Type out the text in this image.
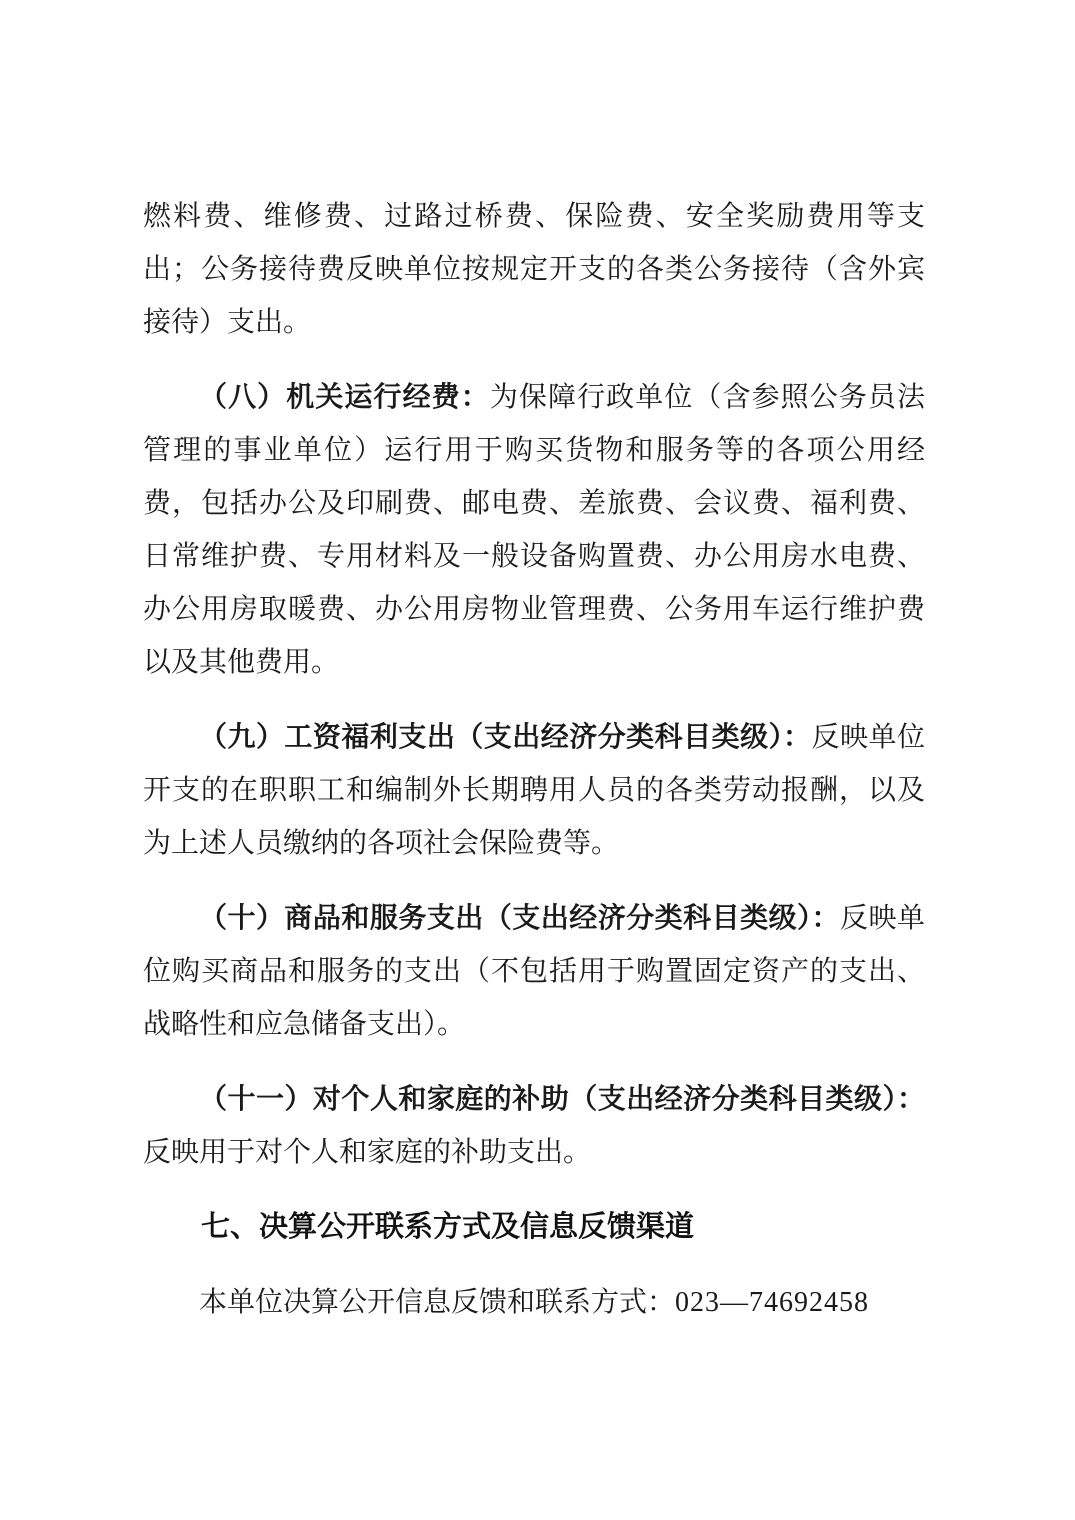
燃料费、维修费、过路过桥费、保险费、安全奖励费用等支出；公务接待费反映单位按规定开支的各类公务接待（含外宾接待）支出。

（八）机关运行经费：为保障行政单位（含参照公务员法管理的事业单位）运行用于购买货物和服务等的各项公用经费，包括办公及印刷费、邮电费、差旅费、会议费、福利费、日常维护费、专用材料及一般设备购置费、办公用房水电费、办公用房取暖费、办公用房物业管理费、公务用车运行维护费以及其他费用。

（九）工资福利支出（支出经济分类科目类级）：反映单位开支的在职职工和编制外长期聘用人员的各类劳动报酬，以及为上述人员缴纳的各项社会保险费等。

（十）商品和服务支出（支出经济分类科目类级）：反映单位购买商品和服务的支出（不包括用于购置固定资产的支出、战略性和应急储备支出）。

（十一）对个人和家庭的补助（支出经济分类科目类级）：反映用于对个人和家庭的补助支出。

七、决算公开联系方式及信息反馈渠道

本单位决算公开信息反馈和联系方式：023—74692458
